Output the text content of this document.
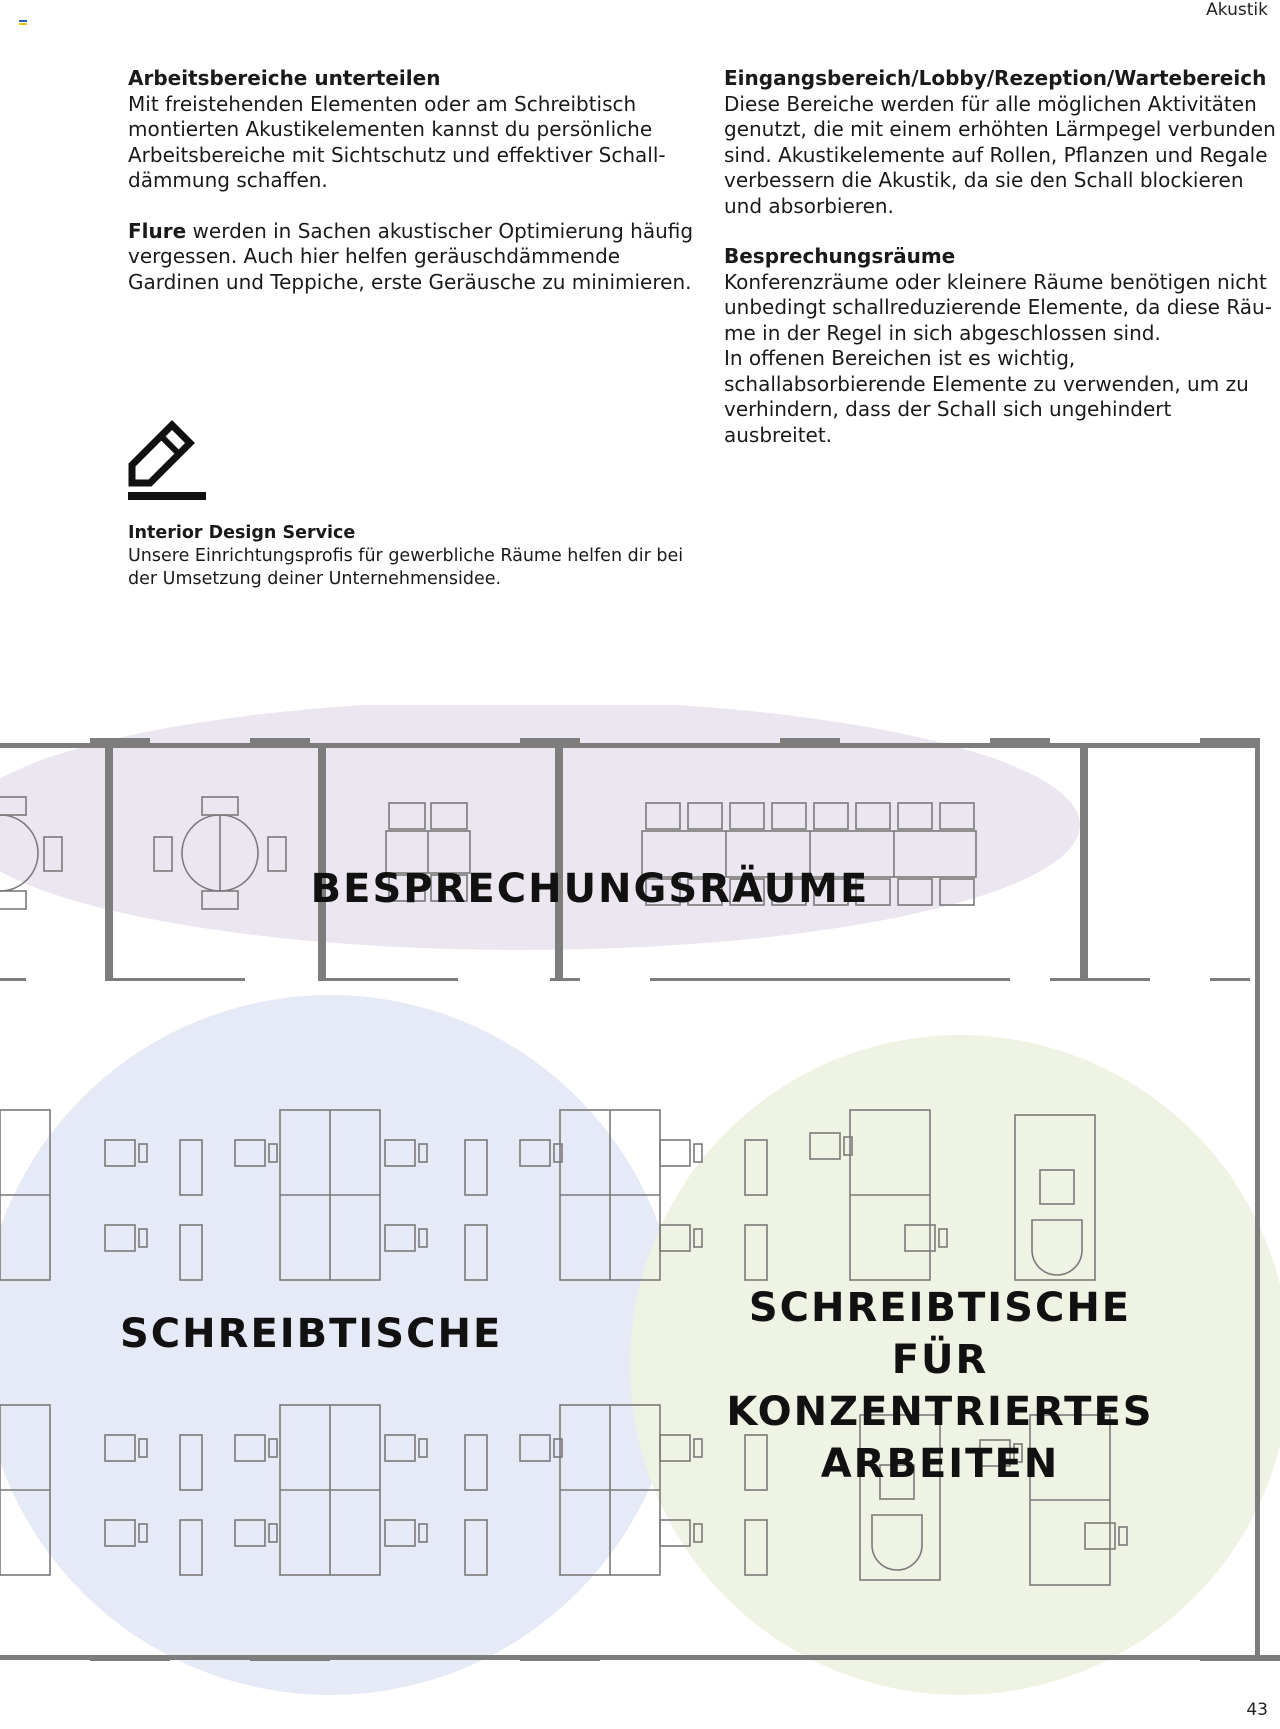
Akustik

Arbeitsbereiche unterteilen
Mit freistehenden Elementen oder am Schreibtisch montierten Akustikelementen kannst du persönliche Arbeitsbereiche mit Sichtschutz und effektiver Schalldämmung schaffen.

Flure werden in Sachen akustischer Optimierung häufig vergessen. Auch hier helfen geräuschdämmende Gardinen und Teppiche, erste Geräusche zu minimieren.

Eingangsbereich/Lobby/Rezeption/Wartebereich
Diese Bereiche werden für alle möglichen Aktivitäten genutzt, die mit einem erhöhten Lärmpegel verbunden sind. Akustikelemente auf Rollen, Pflanzen und Regale verbessern die Akustik, da sie den Schall blockieren und absorbieren.

Besprechungsräume
Konferenzräume oder kleinere Räume benötigen nicht unbedingt schallreduzierende Elemente, da diese Räume in der Regel in sich abgeschlossen sind.

In offenen Bereichen ist es wichtig, schallabsorbierende Elemente zu verwenden, um zu verhindern, dass der Schall sich ungehindert ausbreitet.

Interior Design Service
Unsere Einrichtungsprofis für gewerbliche Räume helfen dir bei der Umsetzung deiner Unternehmensidee.
BESPRECHUNGSRÄUME
SCHREIBTISCHE
SCHREIBTISCHE FÜR
KONZENTRIERTES
ARBEITEN
43
